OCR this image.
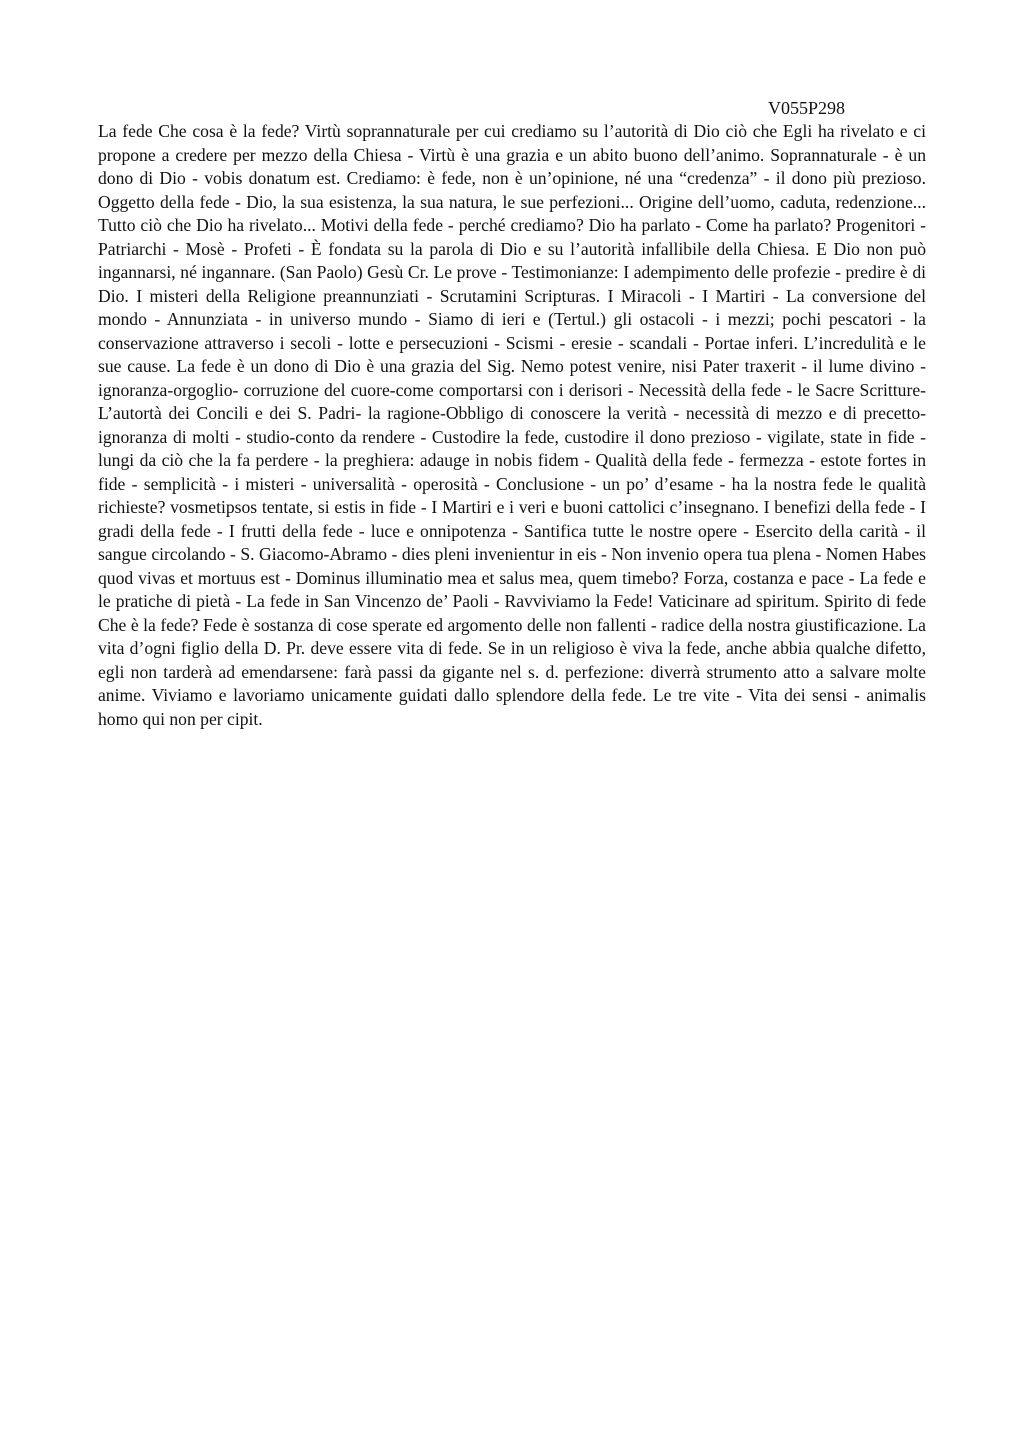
V055P298

La fede Che cosa è la fede? Virtù soprannaturale per cui crediamo su l’autorità di Dio ciò che Egli ha rivelato e ci propone a credere per mezzo della Chiesa - Virtù è una grazia e un abito buono dell’animo. Soprannaturale - è un dono di Dio - vobis donatum est. Crediamo: è fede, non è un’opinione, né una “credenza” - il dono più prezioso. Oggetto della fede - Dio, la sua esistenza, la sua natura, le sue perfezioni... Origine dell’uomo, caduta, redenzione... Tutto ciò che Dio ha rivelato... Motivi della fede - perché crediamo? Dio ha parlato - Come ha parlato? Progenitori - Patriarchi - Mosè - Profeti - È fondata su la parola di Dio e su l’autorità infallibile della Chiesa. E Dio non può ingannarsi, né ingannare. (San Paolo) Gesù Cr. Le prove - Testimonianze: I adempimento delle profezie - predire è di Dio. I misteri della Religione preannunziati - Scrutamini Scripturas. I Miracoli - I Martiri - La conversione del mondo - Annunziata - in universo mundo - Siamo di ieri e (Tertul.) gli ostacoli - i mezzi; pochi pescatori - la conservazione attraverso i secoli - lotte e persecuzioni - Scismi - eresie - scandali - Portae inferi. L’incredulità e le sue cause. La fede è un dono di Dio è una grazia del Sig. Nemo potest venire, nisi Pater traxerit - il lume divino - ignoranza-orgoglio- corruzione del cuore-come comportarsi con i derisori - Necessità della fede - le Sacre Scritture-L’autortà dei Concili e dei S. Padri- la ragione-Obbligo di conoscere la verità - necessità di mezzo e di precetto-ignoranza di molti - studio-conto da rendere - Custodire la fede, custodire il dono prezioso - vigilate, state in fide - lungi da ciò che la fa perdere - la preghiera: adauge in nobis fidem - Qualità della fede - fermezza - estote fortes in fide - semplicità - i misteri - universalità - operosità - Conclusione - un po’ d’esame - ha la nostra fede le qualità richieste? vosmetipsos tentate, si estis in fide - I Martiri e i veri e buoni cattolici c’insegnano. I benefizi della fede - I gradi della fede - I frutti della fede - luce e onnipotenza - Santifica tutte le nostre opere - Esercito della carità - il sangue circolando - S. Giacomo-Abramo - dies pleni invenientur in eis - Non invenio opera tua plena - Nomen Habes quod vivas et mortuus est - Dominus illuminatio mea et salus mea, quem timebo? Forza, costanza e pace - La fede e le pratiche di pietà - La fede in San Vincenzo de’ Paoli - Ravviviamo la Fede! Vaticinare ad spiritum. Spirito di fede Che è la fede? Fede è sostanza di cose sperate ed argomento delle non fallenti - radice della nostra giustificazione. La vita d’ogni figlio della D. Pr. deve essere vita di fede. Se in un religioso è viva la fede, anche abbia qualche difetto, egli non tarderà ad emendarsene: farà passi da gigante nel s. d. perfezione: diverrà strumento atto a salvare molte anime. Viviamo e lavoriamo unicamente guidati dallo splendore della fede. Le tre vite - Vita dei sensi - animalis homo qui non per cipit.
